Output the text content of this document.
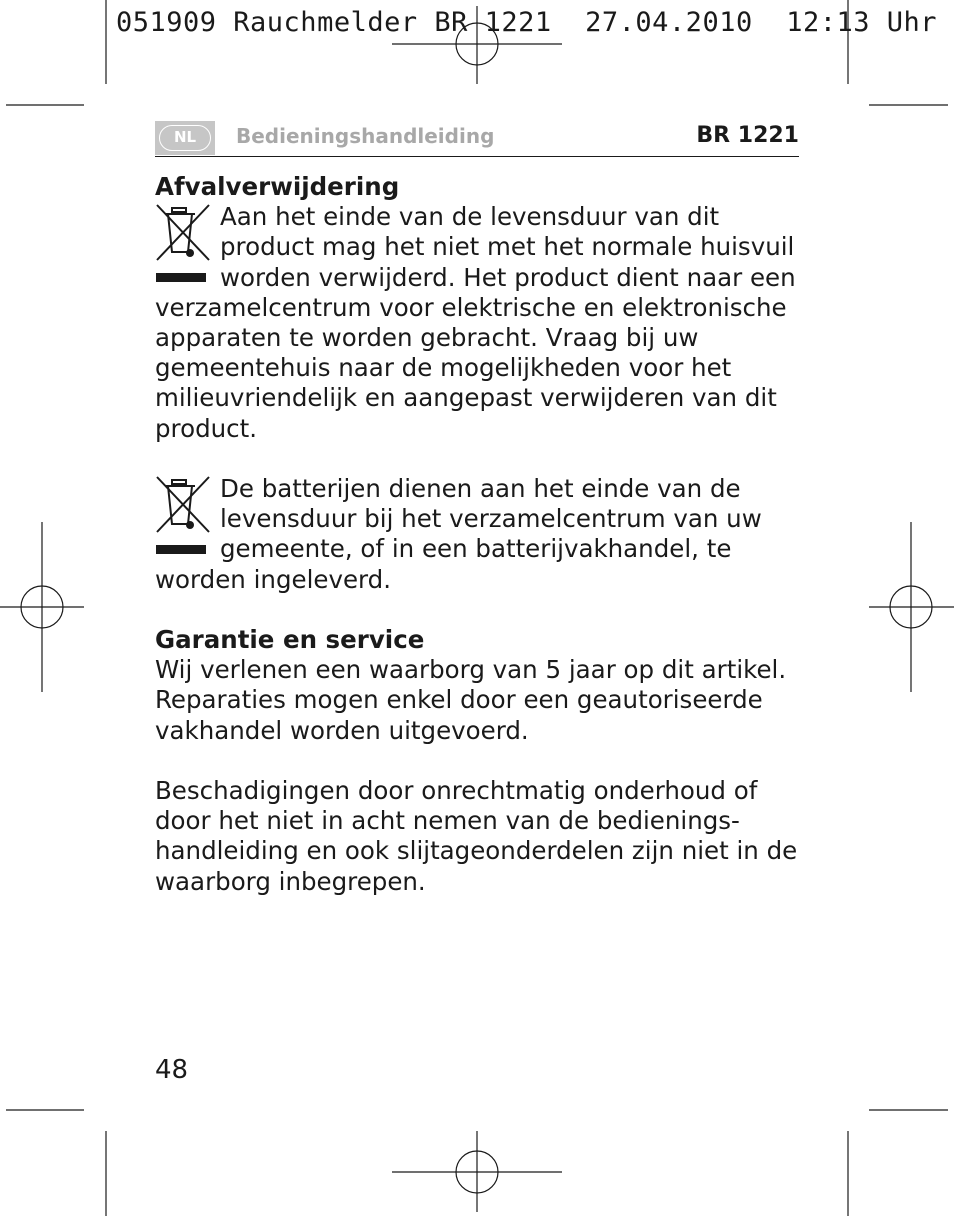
051909 Rauchmelder BR 1221  27.04.2010  12:13 Uhr
NL	Bedieningshandleiding	BR 1221
Afvalverwijdering

Aan het einde van de levensduur van dit product mag het niet met het normale huisvuil worden verwijderd. Het product dient naar een verzamelcentrum voor elektrische en elektronische apparaten te worden gebracht. Vraag bij uw gemeentehuis naar de mogelijkheden voor het milieuvriendelijk en aangepast verwijderen van dit product.

De batterijen dienen aan het einde van de levensduur bij het verzamelcentrum van uw gemeente, of in een batterijvakhandel, te worden ingeleverd.

Garantie en service

Wij verlenen een waarborg van 5 jaar op dit artikel. Reparaties mogen enkel door een geautoriseerde vakhandel worden uitgevoerd.

Beschadigingen door onrechtmatig onderhoud of door het niet in acht nemen van de bedienings-handleiding en ook slijtageonderdelen zijn niet in de waarborg inbegrepen.

48
